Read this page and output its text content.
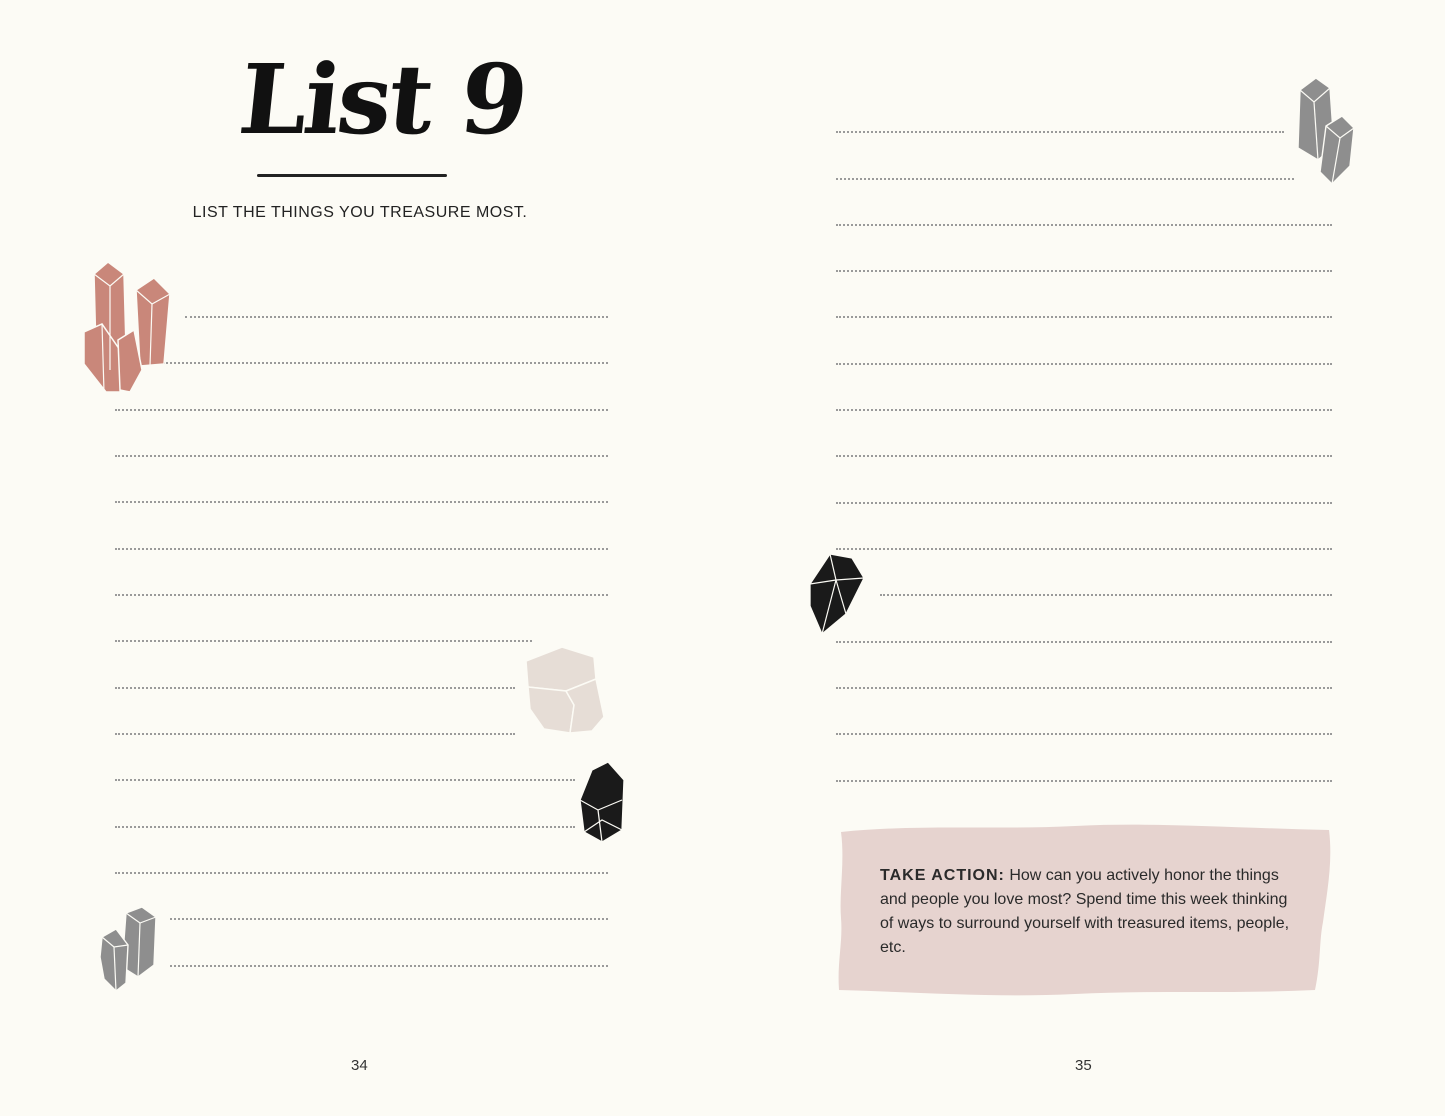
List 9
LIST THE THINGS YOU TREASURE MOST.
34	35
TAKE ACTION: How can you actively honor the things and people you love most? Spend time this week thinking of ways to surround yourself with treasured items, people, etc.
